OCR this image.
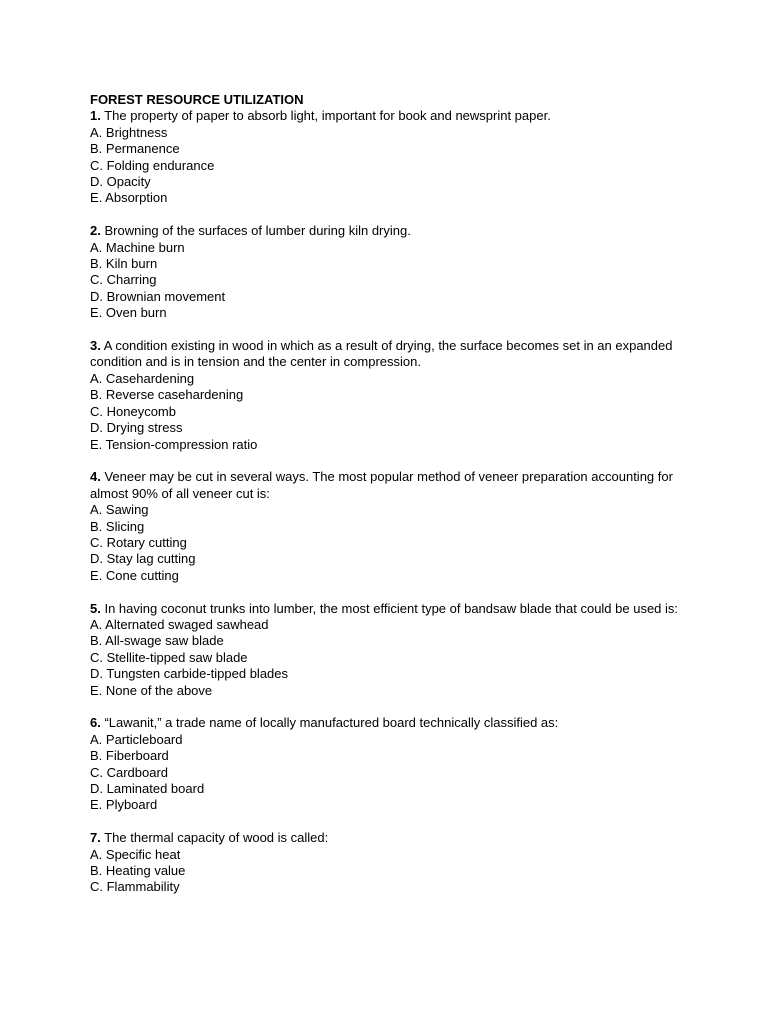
FOREST RESOURCE UTILIZATION

1. The property of paper to absorb light, important for book and newsprint paper.

A. Brightness

B. Permanence

C. Folding endurance

D. Opacity

E. Absorption

2. Browning of the surfaces of lumber during kiln drying.

A. Machine burn

B. Kiln burn

C. Charring

D. Brownian movement

E. Oven burn

3. A condition existing in wood in which as a result of drying, the surface becomes set in an expanded condition and is in tension and the center in compression.

A. Casehardening

B. Reverse casehardening

C. Honeycomb

D. Drying stress

E. Tension-compression ratio

4. Veneer may be cut in several ways. The most popular method of veneer preparation accounting for almost 90% of all veneer cut is:

A. Sawing

B. Slicing

C. Rotary cutting

D. Stay lag cutting

E. Cone cutting

5. In having coconut trunks into lumber, the most efficient type of bandsaw blade that could be used is:

A. Alternated swaged sawhead

B. All-swage saw blade

C. Stellite-tipped saw blade

D. Tungsten carbide-tipped blades

E. None of the above

6. “Lawanit,” a trade name of locally manufactured board technically classified as:

A. Particleboard

B. Fiberboard

C. Cardboard

D. Laminated board

E. Plyboard

7. The thermal capacity of wood is called:

A. Specific heat

B. Heating value

C. Flammability
